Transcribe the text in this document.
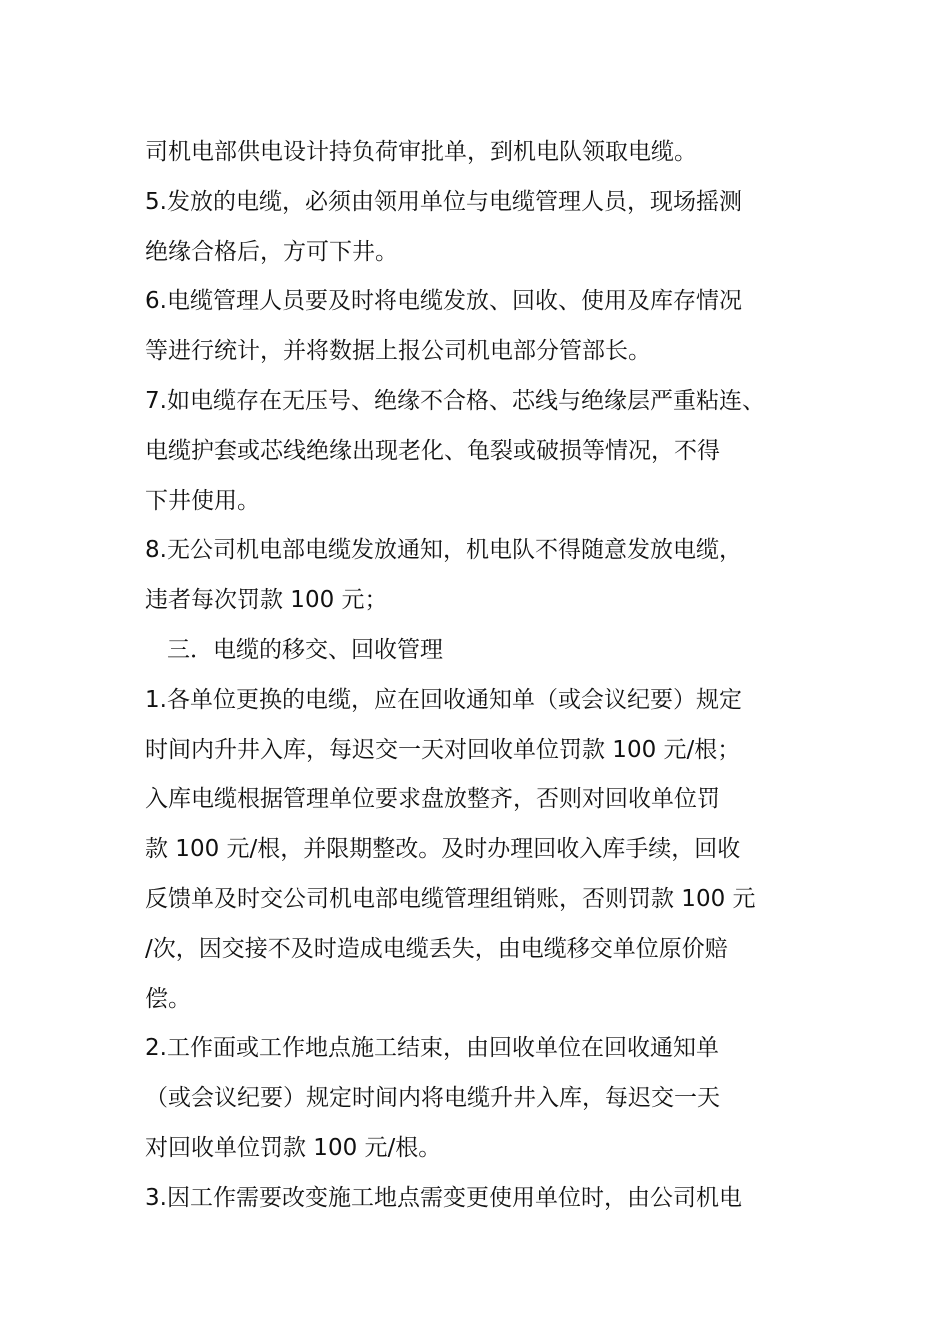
司机电部供电设计持负荷审批单，到机电队领取电缆。
5.发放的电缆，必须由领用单位与电缆管理人员，现场摇测
绝缘合格后，方可下井。
6.电缆管理人员要及时将电缆发放、回收、使用及库存情况
等进行统计，并将数据上报公司机电部分管部长。
7.如电缆存在无压号、绝缘不合格、芯线与绝缘层严重粘连、
电缆护套或芯线绝缘出现老化、龟裂或破损等情况，不得
下井使用。
8.无公司机电部电缆发放通知，机电队不得随意发放电缆，
违者每次罚款 100 元；
三．电缆的移交、回收管理
1.各单位更换的电缆，应在回收通知单（或会议纪要）规定
时间内升井入库，每迟交一天对回收单位罚款 100 元/根；
入库电缆根据管理单位要求盘放整齐，否则对回收单位罚
款 100 元/根，并限期整改。及时办理回收入库手续，回收
反馈单及时交公司机电部电缆管理组销账，否则罚款 100 元
/次，因交接不及时造成电缆丢失，由电缆移交单位原价赔
偿。
2.工作面或工作地点施工结束，由回收单位在回收通知单
（或会议纪要）规定时间内将电缆升井入库，每迟交一天
对回收单位罚款 100 元/根。
3.因工作需要改变施工地点需变更使用单位时，由公司机电
